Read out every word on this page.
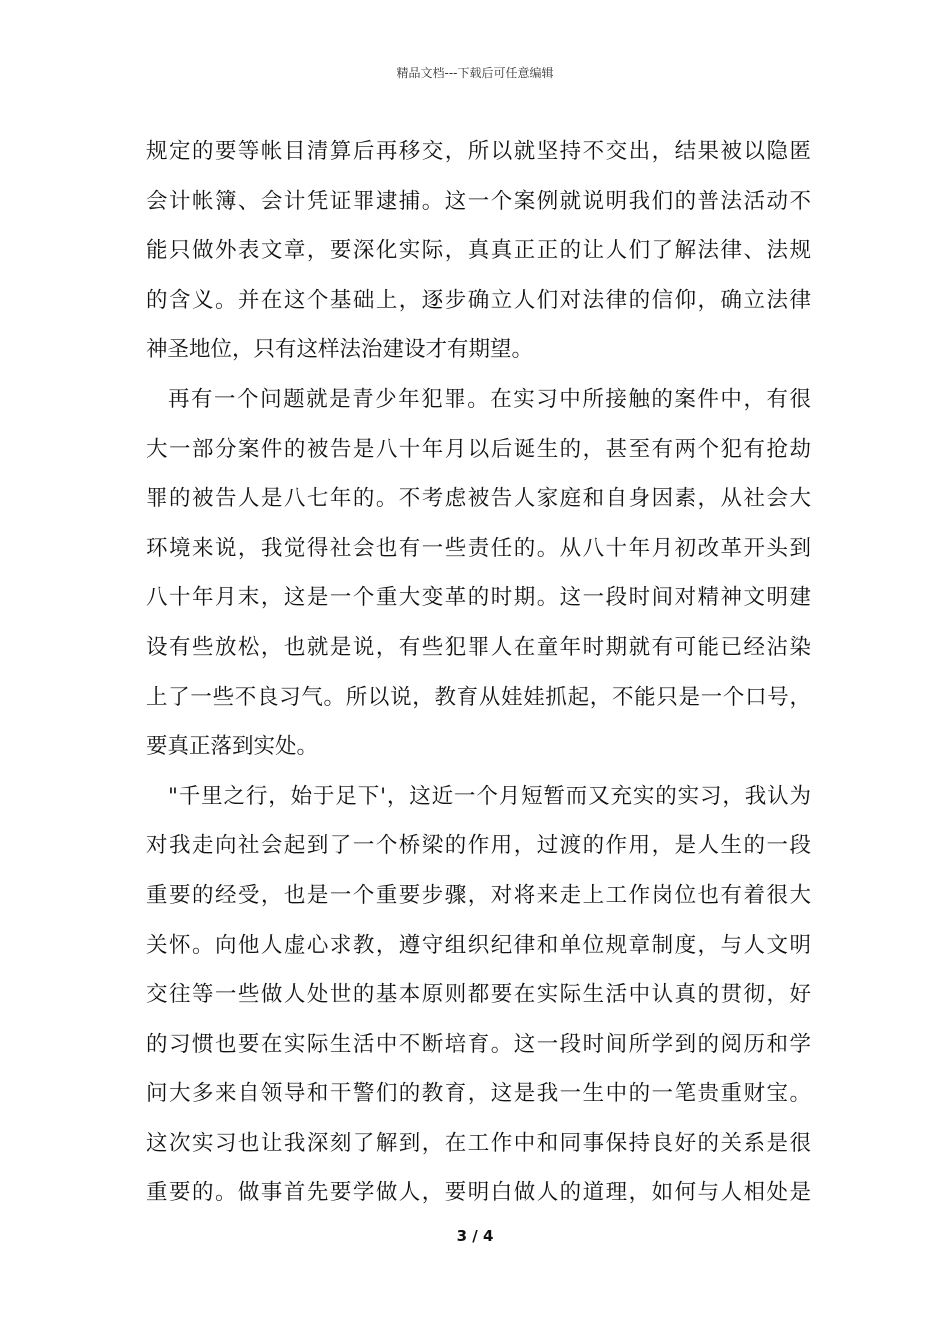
精品文档---下载后可任意编辑
规定的要等帐目清算后再移交，所以就坚持不交出，结果被以隐匿
会计帐簿、会计凭证罪逮捕。这一个案例就说明我们的普法活动不
能只做外表文章，要深化实际，真真正正的让人们了解法律、法规
的含义。并在这个基础上，逐步确立人们对法律的信仰，确立法律
神圣地位，只有这样法治建设才有期望。
再有一个问题就是青少年犯罪。在实习中所接触的案件中，有很
大一部分案件的被告是八十年月以后诞生的，甚至有两个犯有抢劫
罪的被告人是八七年的。不考虑被告人家庭和自身因素，从社会大
环境来说，我觉得社会也有一些责任的。从八十年月初改革开头到
八十年月末，这是一个重大变革的时期。这一段时间对精神文明建
设有些放松，也就是说，有些犯罪人在童年时期就有可能已经沾染
上了一些不良习气。所以说，教育从娃娃抓起，不能只是一个口号，
要真正落到实处。
"千里之行，始于足下'，这近一个月短暂而又充实的实习，我认为
对我走向社会起到了一个桥梁的作用，过渡的作用，是人生的一段
重要的经受，也是一个重要步骤，对将来走上工作岗位也有着很大
关怀。向他人虚心求教，遵守组织纪律和单位规章制度，与人文明
交往等一些做人处世的基本原则都要在实际生活中认真的贯彻，好
的习惯也要在实际生活中不断培育。这一段时间所学到的阅历和学
问大多来自领导和干警们的教育，这是我一生中的一笔贵重财宝。
这次实习也让我深刻了解到，在工作中和同事保持良好的关系是很
重要的。做事首先要学做人，要明白做人的道理，如何与人相处是
3 / 4
